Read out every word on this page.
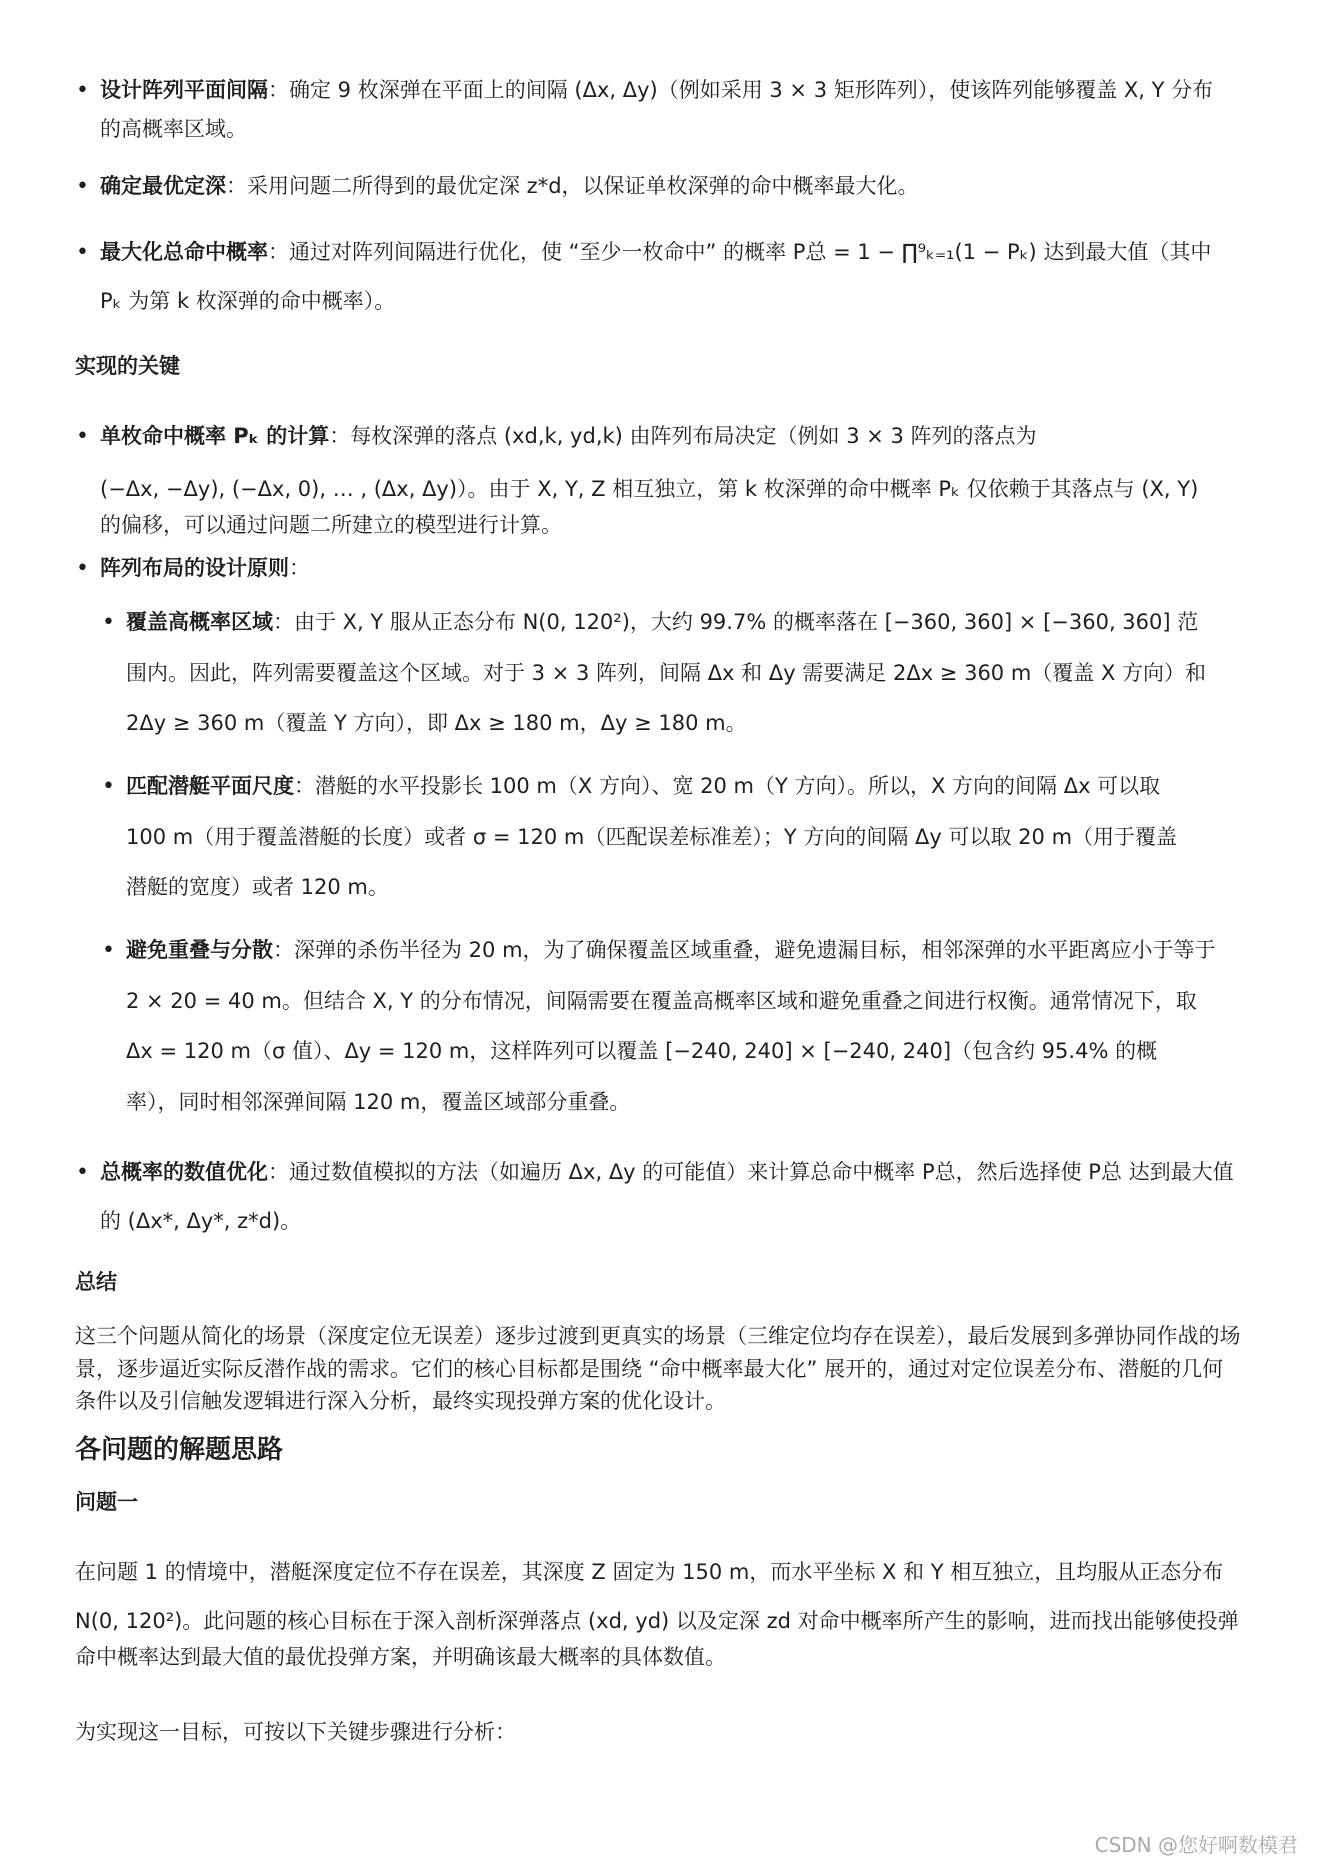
• 设计阵列平面间隔：确定 9 枚深弹在平面上的间隔 (Δx, Δy)（例如采用 3 × 3 矩形阵列），使该阵列能够覆盖 X, Y 分布
的高概率区域。
• 确定最优定深：采用问题二所得到的最优定深 z*d，以保证单枚深弹的命中概率最大化。
• 最大化总命中概率：通过对阵列间隔进行优化，使 “至少一枚命中” 的概率 P总 = 1 − ∏⁹ₖ₌₁(1 − Pₖ) 达到最大值（其中
Pₖ 为第 k 枚深弹的命中概率）。
实现的关键
• 单枚命中概率 Pₖ 的计算：每枚深弹的落点 (xd,k, yd,k) 由阵列布局决定（例如 3 × 3 阵列的落点为
(−Δx, −Δy), (−Δx, 0), … , (Δx, Δy)）。由于 X, Y, Z 相互独立，第 k 枚深弹的命中概率 Pₖ 仅依赖于其落点与 (X, Y)
的偏移，可以通过问题二所建立的模型进行计算。
• 阵列布局的设计原则：
• 覆盖高概率区域：由于 X, Y 服从正态分布 N(0, 120²)，大约 99.7% 的概率落在 [−360, 360] × [−360, 360] 范
围内。因此，阵列需要覆盖这个区域。对于 3 × 3 阵列，间隔 Δx 和 Δy 需要满足 2Δx ≥ 360 m（覆盖 X 方向）和
2Δy ≥ 360 m（覆盖 Y 方向），即 Δx ≥ 180 m，Δy ≥ 180 m。
• 匹配潜艇平面尺度：潜艇的水平投影长 100 m（X 方向）、宽 20 m（Y 方向）。所以，X 方向的间隔 Δx 可以取
100 m（用于覆盖潜艇的长度）或者 σ = 120 m（匹配误差标准差）；Y 方向的间隔 Δy 可以取 20 m（用于覆盖
潜艇的宽度）或者 120 m。
• 避免重叠与分散：深弹的杀伤半径为 20 m，为了确保覆盖区域重叠，避免遗漏目标，相邻深弹的水平距离应小于等于
2 × 20 = 40 m。但结合 X, Y 的分布情况，间隔需要在覆盖高概率区域和避免重叠之间进行权衡。通常情况下，取
Δx = 120 m（σ 值）、Δy = 120 m，这样阵列可以覆盖 [−240, 240] × [−240, 240]（包含约 95.4% 的概
率），同时相邻深弹间隔 120 m，覆盖区域部分重叠。
• 总概率的数值优化：通过数值模拟的方法（如遍历 Δx, Δy 的可能值）来计算总命中概率 P总，然后选择使 P总 达到最大值
的 (Δx*, Δy*, z*d)。
总结
这三个问题从简化的场景（深度定位无误差）逐步过渡到更真实的场景（三维定位均存在误差），最后发展到多弹协同作战的场
景，逐步逼近实际反潜作战的需求。它们的核心目标都是围绕 “命中概率最大化” 展开的，通过对定位误差分布、潜艇的几何
条件以及引信触发逻辑进行深入分析，最终实现投弹方案的优化设计。
各问题的解题思路
问题一
在问题 1 的情境中，潜艇深度定位不存在误差，其深度 Z 固定为 150 m，而水平坐标 X 和 Y 相互独立，且均服从正态分布
N(0, 120²)。此问题的核心目标在于深入剖析深弹落点 (xd, yd) 以及定深 zd 对命中概率所产生的影响，进而找出能够使投弹
命中概率达到最大值的最优投弹方案，并明确该最大概率的具体数值。
为实现这一目标，可按以下关键步骤进行分析：
CSDN @您好啊数模君
